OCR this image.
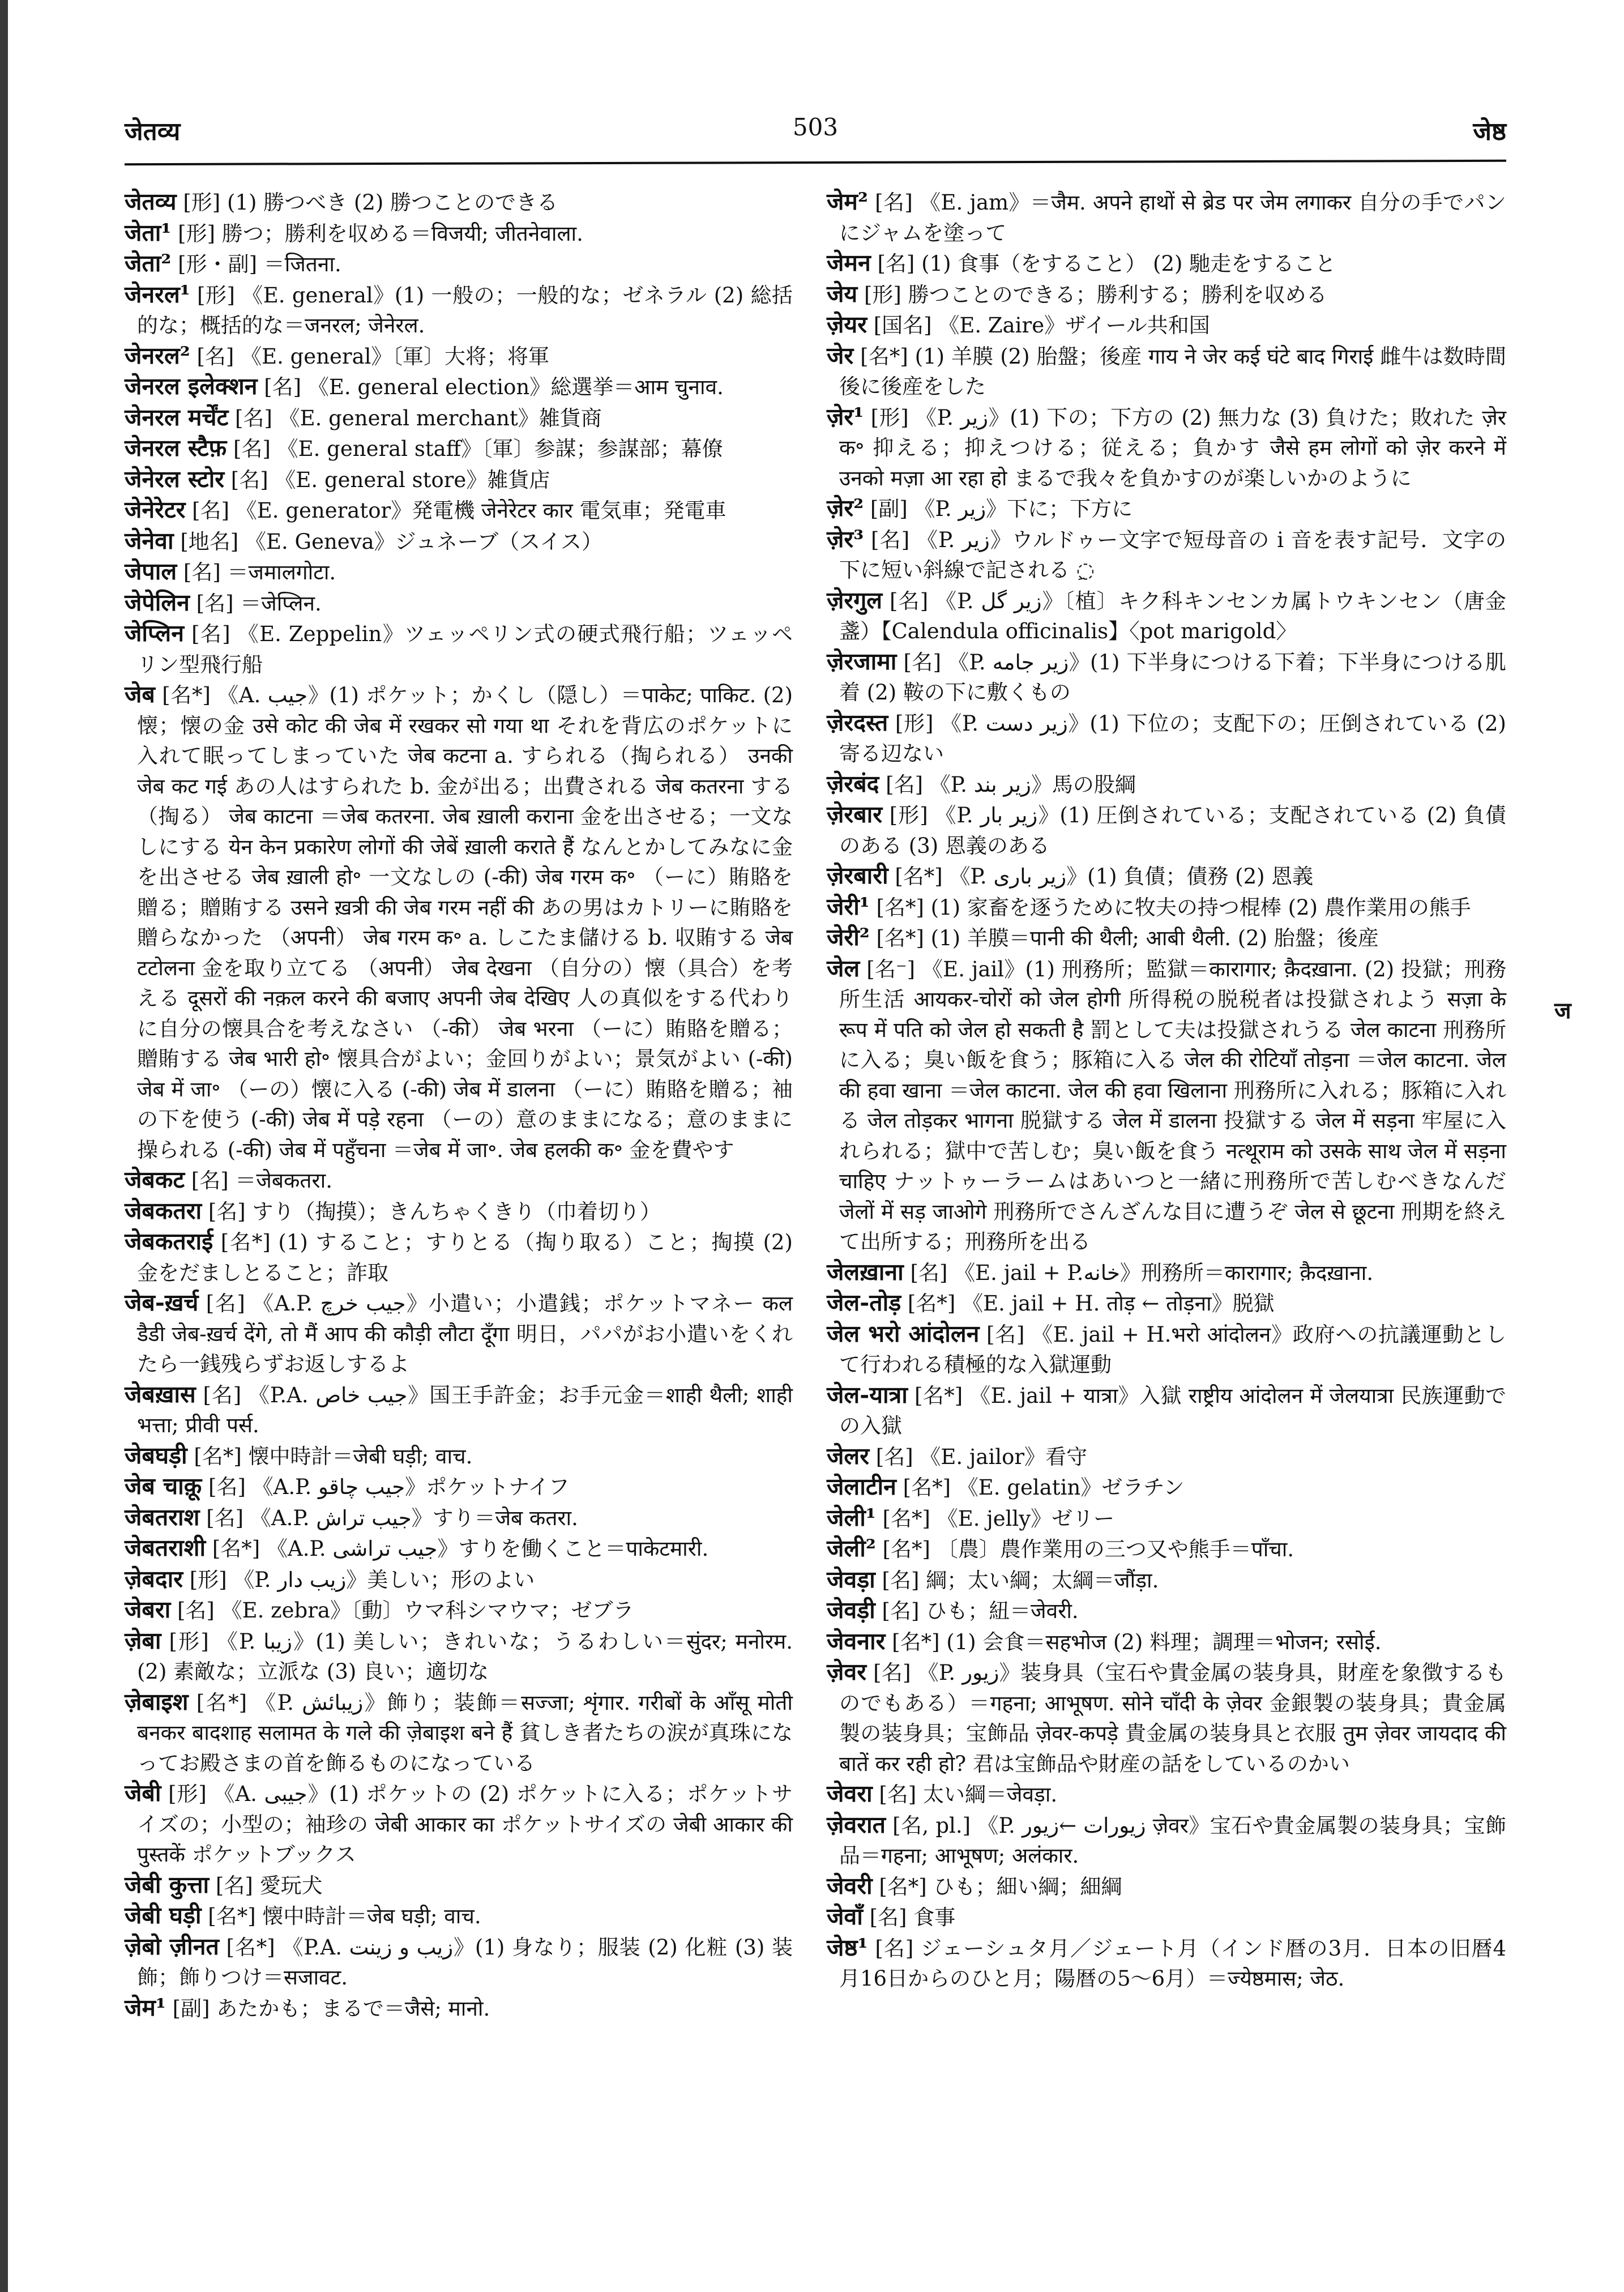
जेतव्य	503	जेष्ठ

जेतव्य [形] (1) 勝つべき (2) 勝つことのできる

जेता¹ [形] 勝つ；勝利を収める＝विजयी; जीतनेवाला.

जेता² [形・副] ＝जितना.

जेनरल¹ [形] 《E. general》(1) 一般の；一般的な；ゼネラル (2) 総括的な；概括的な＝जनरल; जेनेरल.

जेनरल² [名] 《E. general》〔軍〕大将；将軍

जेनरल इलेक्शन [名] 《E. general election》総選挙＝आम चुनाव.

जेनरल मर्चेंट [名] 《E. general merchant》雑貨商

जेनरल स्टैफ़ [名] 《E. general staff》〔軍〕参謀；参謀部；幕僚

जेनेरल स्टोर [名] 《E. general store》雑貨店

जेनेरेटर [名] 《E. generator》発電機 जेनेरेटर कार 電気車；発電車

जेनेवा [地名] 《E. Geneva》ジュネーブ（スイス）

जेपाल [名] ＝जमालगोटा.

जेपेलिन [名] ＝जेप्लिन.

जेप्लिन [名] 《E. Zeppelin》ツェッペリン式の硬式飛行船；ツェッペリン型飛行船

जेब [名*] 《A. جيب》(1) ポケット；かくし（隠し）＝पाकेट; पाकिट. (2) 懐；懐の金 उसे कोट की जेब में रखकर सो गया था それを背広のポケットに入れて眠ってしまっていた जेब कटना a. すられる（掏られる） उनकी जेब कट गई あの人はすられた b. 金が出る；出費される जेब कतरना する（掏る） जेब काटना ＝जेब कतरना. जेब ख़ाली कराना 金を出させる；一文なしにする येन केन प्रकारेण लोगों की जेबें ख़ाली कराते हैं なんとかしてみなに金を出させる जेब ख़ाली हो॰ 一文なしの (-की) जेब गरम क॰ （ーに）賄賂を贈る；贈賄する उसने ख़त्री की जेब गरम नहीं की あの男はカトリーに賄賂を贈らなかった （अपनी） जेब गरम क॰ a. しこたま儲ける b. 収賄する जेब टटोलना 金を取り立てる （अपनी） जेब देखना （自分の）懐（具合）を考える दूसरों की नक़ल करने की बजाए अपनी जेब देखिए 人の真似をする代わりに自分の懐具合を考えなさい （-की） जेब भरना （ーに）賄賂を贈る；贈賄する जेब भारी हो॰ 懐具合がよい；金回りがよい；景気がよい (-की) जेब में जा॰ （ーの）懐に入る (-की) जेब में डालना （ーに）賄賂を贈る；袖の下を使う (-की) जेब में पड़े रहना （ーの）意のままになる；意のままに操られる (-की) जेब में पहुँचना ＝जेब में जा॰. जेब हलकी क॰ 金を費やす

जेबकट [名] ＝जेबकतरा.

जेबकतरा [名] すり（掏摸）；きんちゃくきり（巾着切り）

जेबकतराई [名*] (1) すること；すりとる（掏り取る）こと；掏摸 (2) 金をだましとること；詐取

जेब-ख़र्च [名] 《A.P. جيب خرچ》小遣い；小遣銭；ポケットマネー कल डैडी जेब-ख़र्च देंगे, तो मैं आप की कौड़ी लौटा दूँगा 明日，パパがお小遣いをくれたら一銭残らずお返しするよ

जेबख़ास [名] 《P.A. جيب خاص》国王手許金；お手元金＝शाही थैली; शाही भत्ता; प्रीवी पर्स.

जेबघड़ी [名*] 懐中時計＝जेबी घड़ी; वाच.

जेब चाक़ू [名] 《A.P. جيب چاقو》ポケットナイフ

जेबतराश [名] 《A.P. جيب تراش》すり＝जेब कतरा.

जेबतराशी [名*] 《A.P. جيب تراشی》すりを働くこと＝पाकेटमारी.

ज़ेबदार [形] 《P. زيب دار》美しい；形のよい

जेबरा [名] 《E. zebra》〔動〕ウマ科シマウマ；ゼブラ

ज़ेबा [形] 《P. زيبا》(1) 美しい；きれいな；うるわしい＝सुंदर; मनोरम. (2) 素敵な；立派な (3) 良い；適切な

ज़ेबाइश [名*] 《P. زيبائش》飾り；装飾＝सज्जा; शृंगार. गरीबों के आँसू मोती बनकर बादशाह सलामत के गले की ज़ेबाइश बने हैं 貧しき者たちの涙が真珠になってお殿さまの首を飾るものになっている

जेबी [形] 《A. جيبی》(1) ポケットの (2) ポケットに入る；ポケットサイズの；小型の；袖珍の जेबी आकार का ポケットサイズの जेबी आकार की पुस्तकें ポケットブックス

जेबी कुत्ता [名] 愛玩犬

जेबी घड़ी [名*] 懐中時計＝जेब घड़ी; वाच.

ज़ेबो ज़ीनत [名*] 《P.A. زيب و زينت》(1) 身なり；服装 (2) 化粧 (3) 装飾；飾りつけ＝सजावट.

जेम¹ [副] あたかも；まるで＝जैसे; मानो.

जेम² [名] 《E. jam》＝जैम. अपने हाथों से ब्रेड पर जेम लगाकर 自分の手でパンにジャムを塗って

जेमन [名] (1) 食事（をすること） (2) 馳走をすること

जेय [形] 勝つことのできる；勝利する；勝利を収める

ज़ेयर [国名] 《E. Zaire》ザイール共和国

जेर [名*] (1) 羊膜 (2) 胎盤；後産 गाय ने जेर कई घंटे बाद गिराई 雌牛は数時間後に後産をした

ज़ेर¹ [形] 《P. زير》(1) 下の；下方の (2) 無力な (3) 負けた；敗れた ज़ेर क॰ 抑える；抑えつける；従える；負かす जैसे हम लोगों को ज़ेर करने में उनको मज़ा आ रहा हो まるで我々を負かすのが楽しいかのように

ज़ेर² [副] 《P. زير》下に；下方に

ज़ेर³ [名] 《P. زير》ウルドゥー文字で短母音の i 音を表す記号．文字の下に短い斜線で記される ◌ِ

ज़ेरगुल [名] 《P. زير گل》〔植〕キク科キンセンカ属トウキンセン（唐金盞）【Calendula officinalis】〈pot marigold〉

ज़ेरजामा [名] 《P. زير جامه》(1) 下半身につける下着；下半身につける肌着 (2) 鞍の下に敷くもの

ज़ेरदस्त [形] 《P. زير دست》(1) 下位の；支配下の；圧倒されている (2) 寄る辺ない

ज़ेरबंद [名] 《P. زير بند》馬の股綱

ज़ेरबार [形] 《P. زير بار》(1) 圧倒されている；支配されている (2) 負債のある (3) 恩義のある

ज़ेरबारी [名*] 《P. زير باری》(1) 負債；債務 (2) 恩義

जेरी¹ [名*] (1) 家畜を逐うために牧夫の持つ棍棒 (2) 農作業用の熊手

जेरी² [名*] (1) 羊膜＝पानी की थैली; आबी थैली. (2) 胎盤；後産

जेल [名⁻] 《E. jail》(1) 刑務所；監獄＝कारागार; क़ैदख़ाना. (2) 投獄；刑務所生活 आयकर-चोरों को जेल होगी 所得税の脱税者は投獄されよう सज़ा के रूप में पति को जेल हो सकती है 罰として夫は投獄されうる जेल काटना 刑務所に入る；臭い飯を食う；豚箱に入る जेल की रोटियाँ तोड़ना ＝जेल काटना. जेल की हवा खाना ＝जेल काटना. जेल की हवा खिलाना 刑務所に入れる；豚箱に入れる जेल तोड़कर भागना 脱獄する जेल में डालना 投獄する जेल में सड़ना 牢屋に入れられる；獄中で苦しむ；臭い飯を食う नत्थूराम को उसके साथ जेल में सड़ना चाहिए ナットゥーラームはあいつと一緒に刑務所で苦しむべきなんだ जेलों में सड़ जाओगे 刑務所でさんざんな目に遭うぞ जेल से छूटना 刑期を終えて出所する；刑務所を出る

जेलख़ाना [名] 《E. jail + P.خانه》刑務所＝कारागार; क़ैदख़ाना.

जेल-तोड़ [名*] 《E. jail + H. तोड़ ← तोड़ना》脱獄

जेल भरो आंदोलन [名] 《E. jail + H.भरो आंदोलन》政府への抗議運動として行われる積極的な入獄運動

जेल-यात्रा [名*] 《E. jail + यात्रा》入獄 राष्ट्रीय आंदोलन में जेलयात्रा 民族運動での入獄

जेलर [名] 《E. jailor》看守

जेलाटीन [名*] 《E. gelatin》ゼラチン

जेली¹ [名*] 《E. jelly》ゼリー

जेली² [名*] 〔農〕農作業用の三つ又や熊手＝पाँचा.

जेवड़ा [名] 綱；太い綱；太綱＝जौंड़ा.

जेवड़ी [名] ひも；紐＝जेवरी.

जेवनार [名*] (1) 会食＝सहभोज (2) 料理；調理＝भोजन; रसोई.

ज़ेवर [名] 《P. زيور》装身具（宝石や貴金属の装身具，財産を象徴するものでもある）＝गहना; आभूषण. सोने चाँदी के ज़ेवर 金銀製の装身具；貴金属製の装身具；宝飾品 ज़ेवर-कपड़े 貴金属の装身具と衣服 तुम ज़ेवर जायदाद की बातें कर रही हो? 君は宝飾品や財産の話をしているのかい

जेवरा [名] 太い綱＝जेवड़ा.

ज़ेवरात [名, pl.] 《P. زيورات ←زيور ज़ेवर》宝石や貴金属製の装身具；宝飾品＝गहना; आभूषण; अलंकार.

जेवरी [名*] ひも；細い綱；細綱

जेवाँ [名] 食事

जेष्ठ¹ [名] ジェーシュタ月／ジェート月（インド暦の3月．日本の旧暦4月16日からのひと月；陽暦の5〜6月）＝ज्येष्ठमास; जेठ.

ज
